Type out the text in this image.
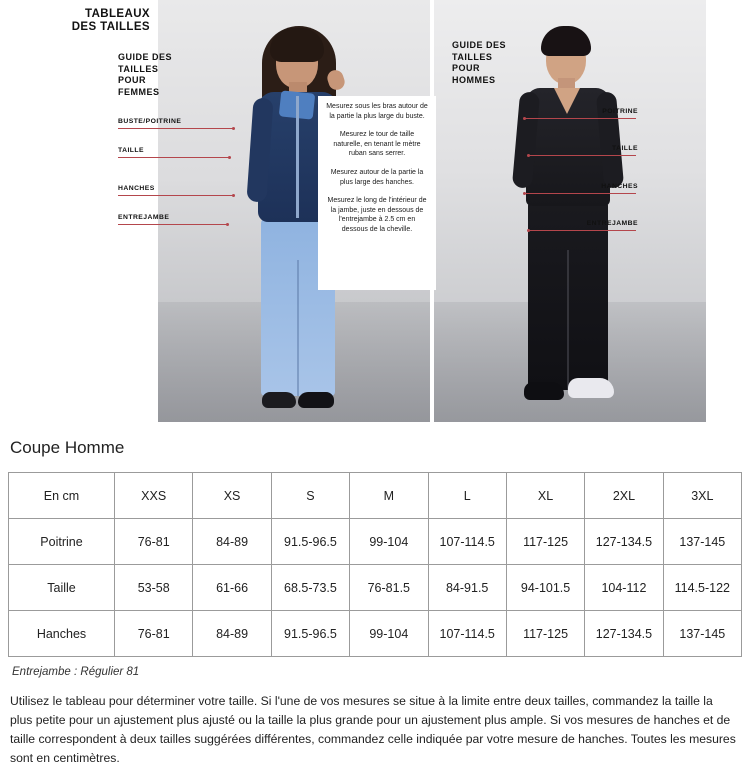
TABLEAUX
DES TAILLES
GUIDE DES TAILLES POUR FEMMES
GUIDE DES TAILLES POUR HOMMES
BUSTE/POITRINE
TAILLE
HANCHES
ENTREJAMBE
POITRINE
TAILLE
HANCHES
ENTREJAMBE

Mesurez sous les bras autour de la partie la plus large du buste.

Mesurez le tour de taille naturelle, en tenant le mètre ruban sans serrer.

Mesurez autour de la partie la plus large des hanches.

Mesurez le long de l'intérieur de la jambe, juste en dessous de l'entrejambe à 2.5 cm en dessous de la cheville.

Coupe Homme
En cm	XXS	XS	S	M	L	XL	2XL	3XL
Poitrine	76-81	84-89	91.5-96.5	99-104	107-114.5	117-125	127-134.5	137-145
Taille	53-58	61-66	68.5-73.5	76-81.5	84-91.5	94-101.5	104-112	114.5-122
Hanches	76-81	84-89	91.5-96.5	99-104	107-114.5	117-125	127-134.5	137-145
Entrejambe : Régulier 81
Utilisez le tableau pour déterminer votre taille. Si l'une de vos mesures se situe à la limite entre deux tailles, commandez la taille la plus petite pour un ajustement plus ajusté ou la taille la plus grande pour un ajustement plus ample. Si vos mesures de hanches et de taille correspondent à deux tailles suggérées différentes, commandez celle indiquée par votre mesure de hanches. Toutes les mesures sont en centimètres.
